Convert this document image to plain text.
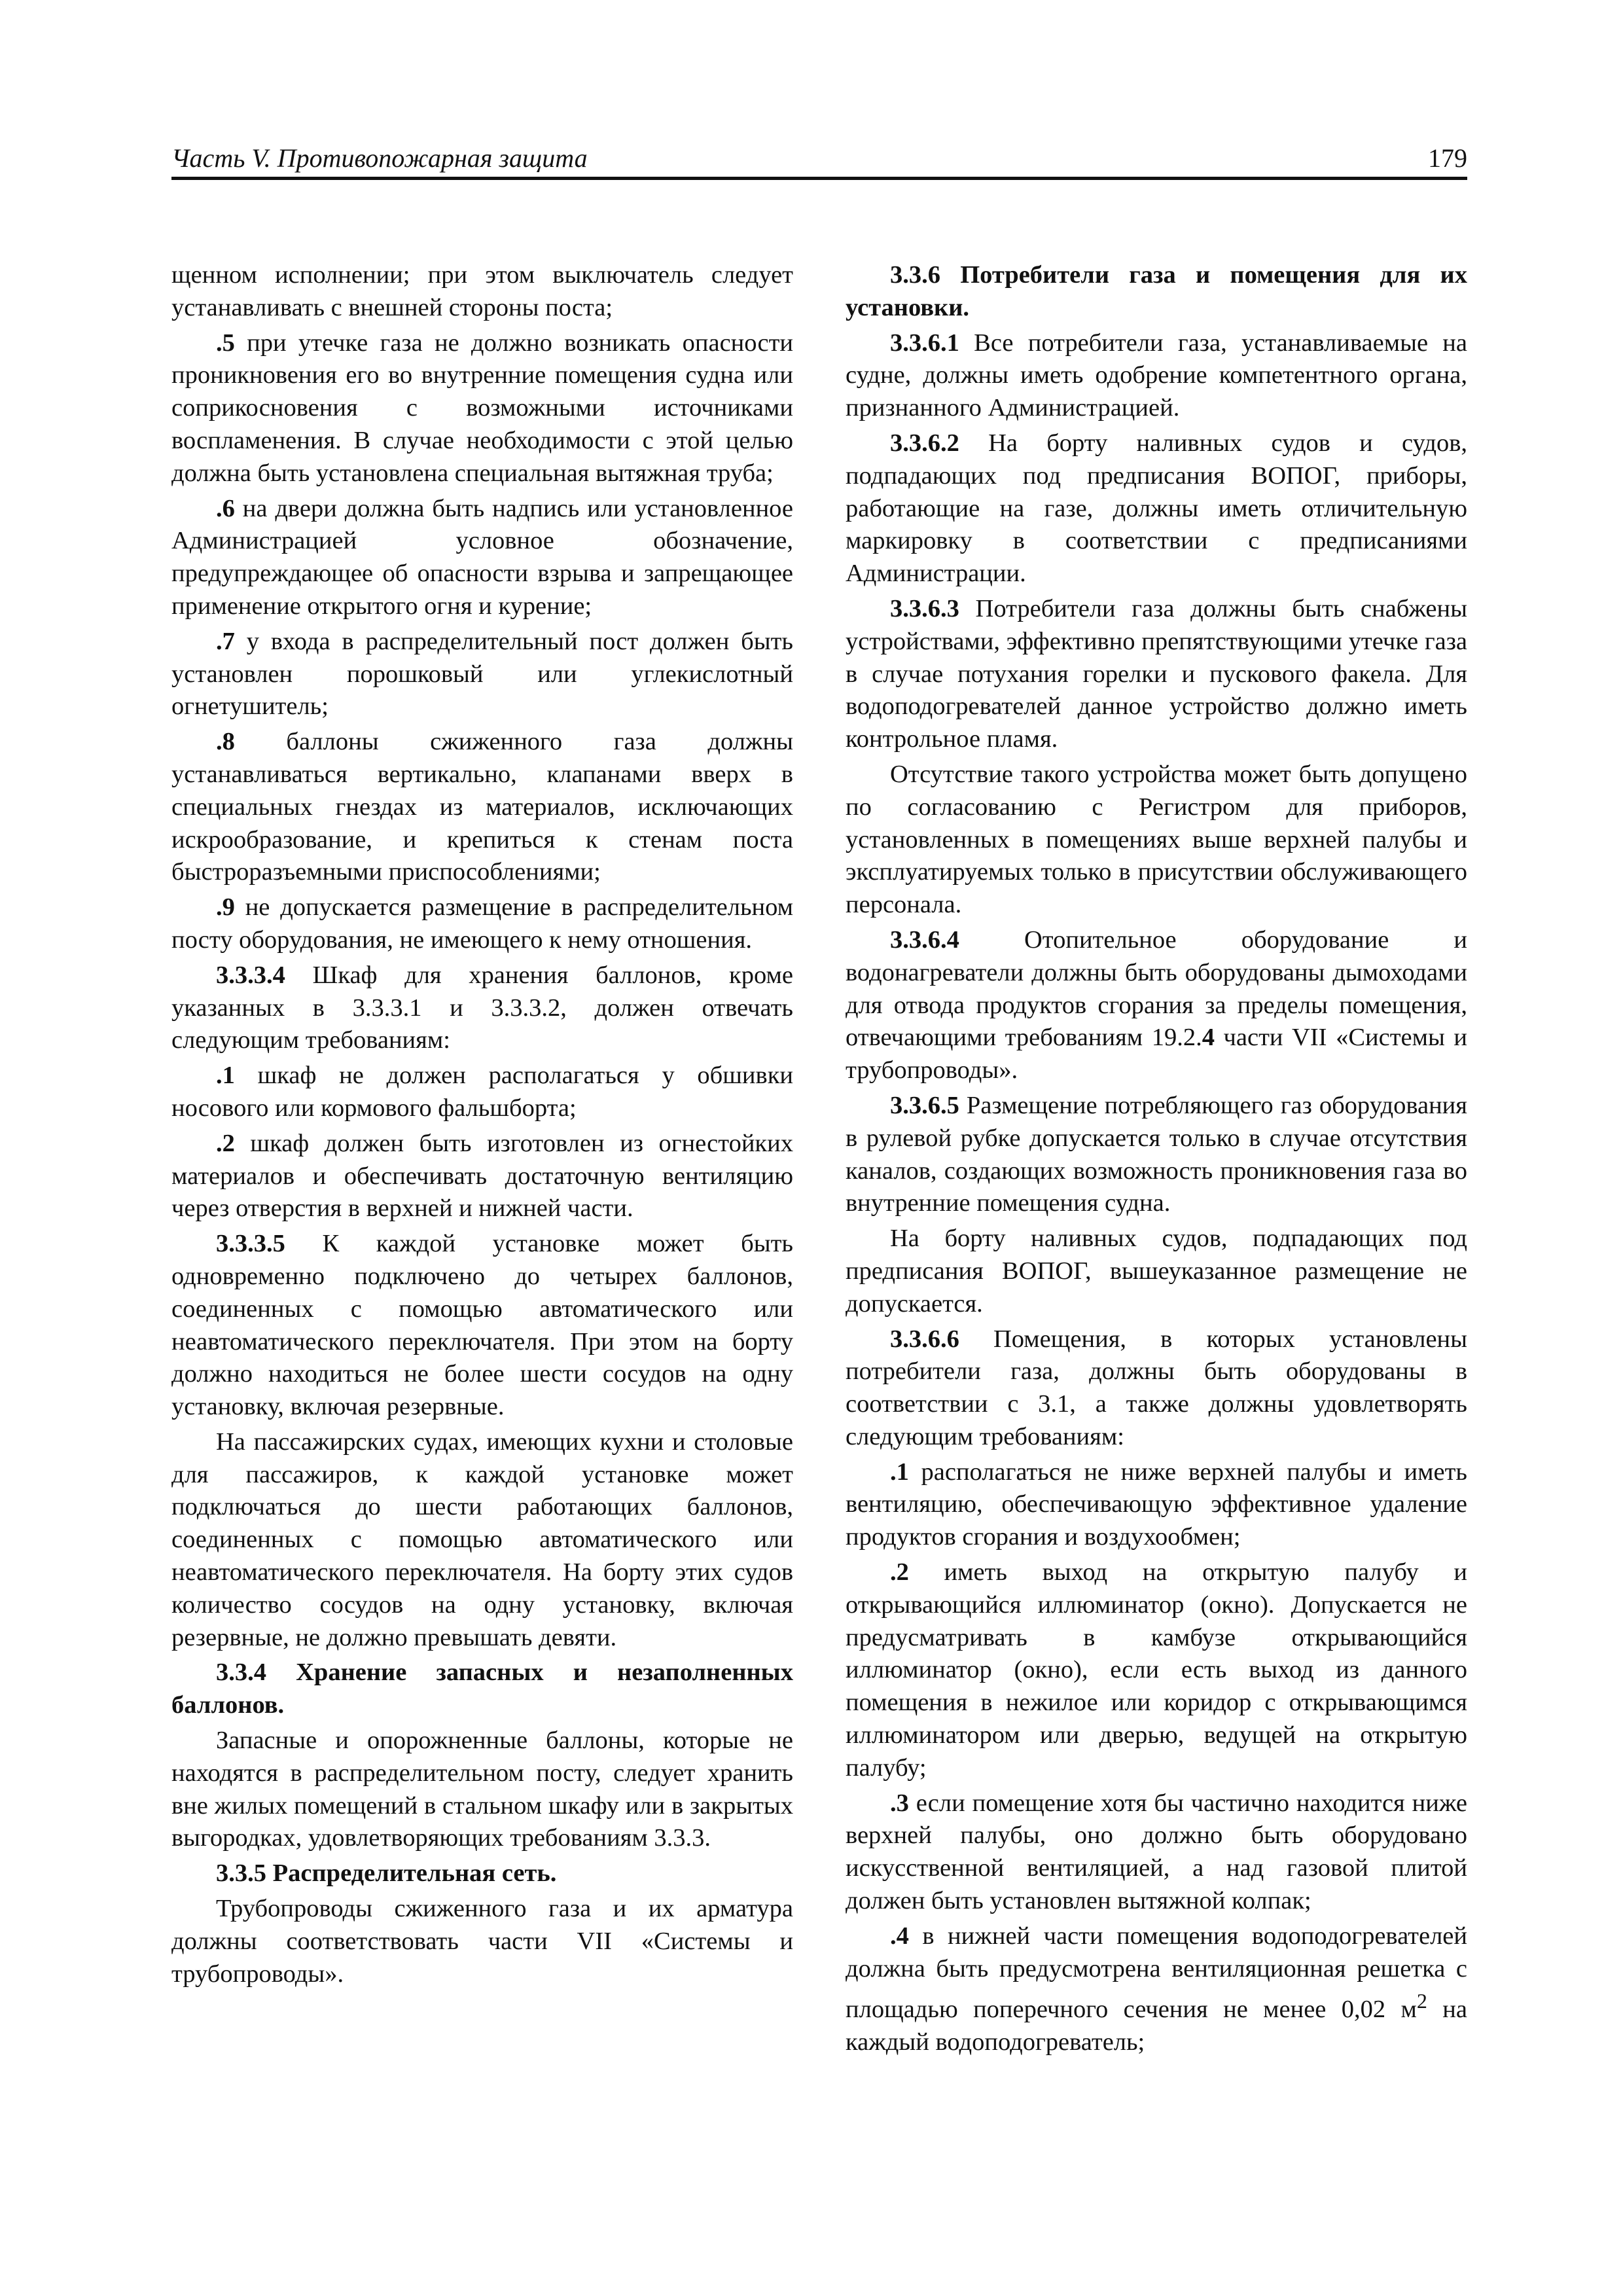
Часть V. Противопожарная защита	179

щенном исполнении; при этом выключатель следует устанавливать с внешней стороны поста;

.5 при утечке газа не должно возникать опасности проникновения его во внутренние помещения судна или соприкосновения с возможными источниками воспламенения. В случае необходимости с этой целью должна быть установлена специальная вытяжная труба;

.6 на двери должна быть надпись или установленное Администрацией условное обозначение, предупреждающее об опасности взрыва и запрещающее применение открытого огня и курение;

.7 у входа в распределительный пост должен быть установлен порошковый или углекислотный огнетушитель;

.8 баллоны сжиженного газа должны устанавливаться вертикально, клапанами вверх в специальных гнездах из материалов, исключающих искрообразование, и крепиться к стенам поста быстроразъемными приспособлениями;

.9 не допускается размещение в распределительном посту оборудования, не имеющего к нему отношения.

3.3.3.4 Шкаф для хранения баллонов, кроме указанных в 3.3.3.1 и 3.3.3.2, должен отвечать следующим требованиям:

.1 шкаф не должен располагаться у обшивки носового или кормового фальшборта;

.2 шкаф должен быть изготовлен из огнестойких материалов и обеспечивать достаточную вентиляцию через отверстия в верхней и нижней части.

3.3.3.5 К каждой установке может быть одновременно подключено до четырех баллонов, соединенных с помощью автоматического или неавтоматического переключателя. При этом на борту должно находиться не более шести сосудов на одну установку, включая резервные.

На пассажирских судах, имеющих кухни и столовые для пассажиров, к каждой установке может подключаться до шести работающих баллонов, соединенных с помощью автоматического или неавтоматического переключателя. На борту этих судов количество сосудов на одну установку, включая резервные, не должно превышать девяти.

3.3.4 Хранение запасных и незаполненных баллонов.

Запасные и опорожненные баллоны, которые не находятся в распределительном посту, следует хранить вне жилых помещений в стальном шкафу или в закрытых выгородках, удовлетворяющих требованиям 3.3.3.

3.3.5 Распределительная сеть.

Трубопроводы сжиженного газа и их арматура должны соответствовать части VII «Системы и трубопроводы».

3.3.6 Потребители газа и помещения для их установки.

3.3.6.1 Все потребители газа, устанавливаемые на судне, должны иметь одобрение компетентного органа, признанного Администрацией.

3.3.6.2 На борту наливных судов и судов, подпадающих под предписания ВОПОГ, приборы, работающие на газе, должны иметь отличительную маркировку в соответствии с предписаниями Администрации.

3.3.6.3 Потребители газа должны быть снабжены устройствами, эффективно препятствующими утечке газа в случае потухания горелки и пускового факела. Для водоподогревателей данное устройство должно иметь контрольное пламя.

Отсутствие такого устройства может быть допущено по согласованию с Регистром для приборов, установленных в помещениях выше верхней палубы и эксплуатируемых только в присутствии обслуживающего персонала.

3.3.6.4 Отопительное оборудование и водонагреватели должны быть оборудованы дымоходами для отвода продуктов сгорания за пределы помещения, отвечающими требованиям 19.2.4 части VII «Системы и трубопроводы».

3.3.6.5 Размещение потребляющего газ оборудования в рулевой рубке допускается только в случае отсутствия каналов, создающих возможность проникновения газа во внутренние помещения судна.

На борту наливных судов, подпадающих под предписания ВОПОГ, вышеуказанное размещение не допускается.

3.3.6.6 Помещения, в которых установлены потребители газа, должны быть оборудованы в соответствии с 3.1, а также должны удовлетворять следующим требованиям:

.1 располагаться не ниже верхней палубы и иметь вентиляцию, обеспечивающую эффективное удаление продуктов сгорания и воздухообмен;

.2 иметь выход на открытую палубу и открывающийся иллюминатор (окно). Допускается не предусматривать в камбузе открывающийся иллюминатор (окно), если есть выход из данного помещения в нежилое или коридор с открывающимся иллюминатором или дверью, ведущей на открытую палубу;

.3 если помещение хотя бы частично находится ниже верхней палубы, оно должно быть оборудовано искусственной вентиляцией, а над газовой плитой должен быть установлен вытяжной колпак;

.4 в нижней части помещения водоподогревателей должна быть предусмотрена вентиляционная решетка с площадью поперечного сечения не менее 0,02 $м^2$ на каждый водоподогреватель;
